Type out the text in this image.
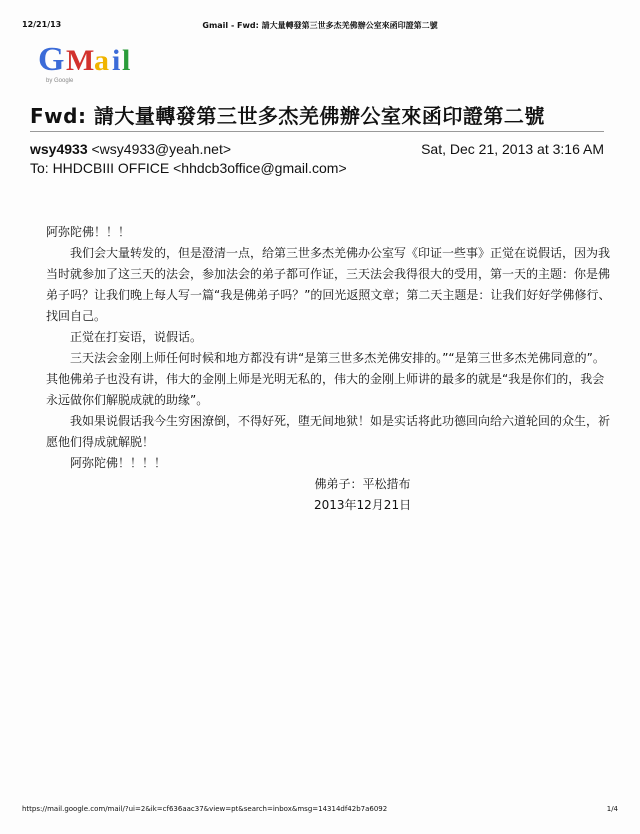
12/21/13	Gmail - Fwd: 請大量轉發第三世多杰羌佛辦公室來函印證第二號
G M a i l
by Google
Fwd: 請大量轉發第三世多杰羌佛辦公室來函印證第二號
wsy4933 <wsy4933@yeah.net>	Sat, Dec 21, 2013 at 3:16 AM
To: HHDCBIII OFFICE <hhdcb3office@gmail.com>

阿弥陀佛！！！

我们会大量转发的，但是澄清一点，给第三世多杰羌佛办公室写《印证一些事》正觉在说假话，因为我当时就参加了这三天的法会，参加法会的弟子都可作证，三天法会我得很大的受用，第一天的主题：你是佛弟子吗？让我们晚上每人写一篇“我是佛弟子吗？”的回光返照文章；第二天主题是：让我们好好学佛修行、找回自己。

正觉在打妄语，说假话。

三天法会金刚上师任何时候和地方都没有讲“是第三世多杰羌佛安排的。”“是第三世多杰羌佛同意的”。其他佛弟子也没有讲，伟大的金刚上师是光明无私的，伟大的金刚上师讲的最多的就是“我是你们的，我会永远做你们解脱成就的助缘”。

我如果说假话我今生穷困潦倒，不得好死，堕无间地狱！如是实话将此功德回向给六道轮回的众生，祈愿他们得成就解脱！

阿弥陀佛！！！！

佛弟子：平松措布
2013年12月21日
https://mail.google.com/mail/?ui=2&ik=cf636aac37&view=pt&search=inbox&msg=14314df42b7a6092	1/4
